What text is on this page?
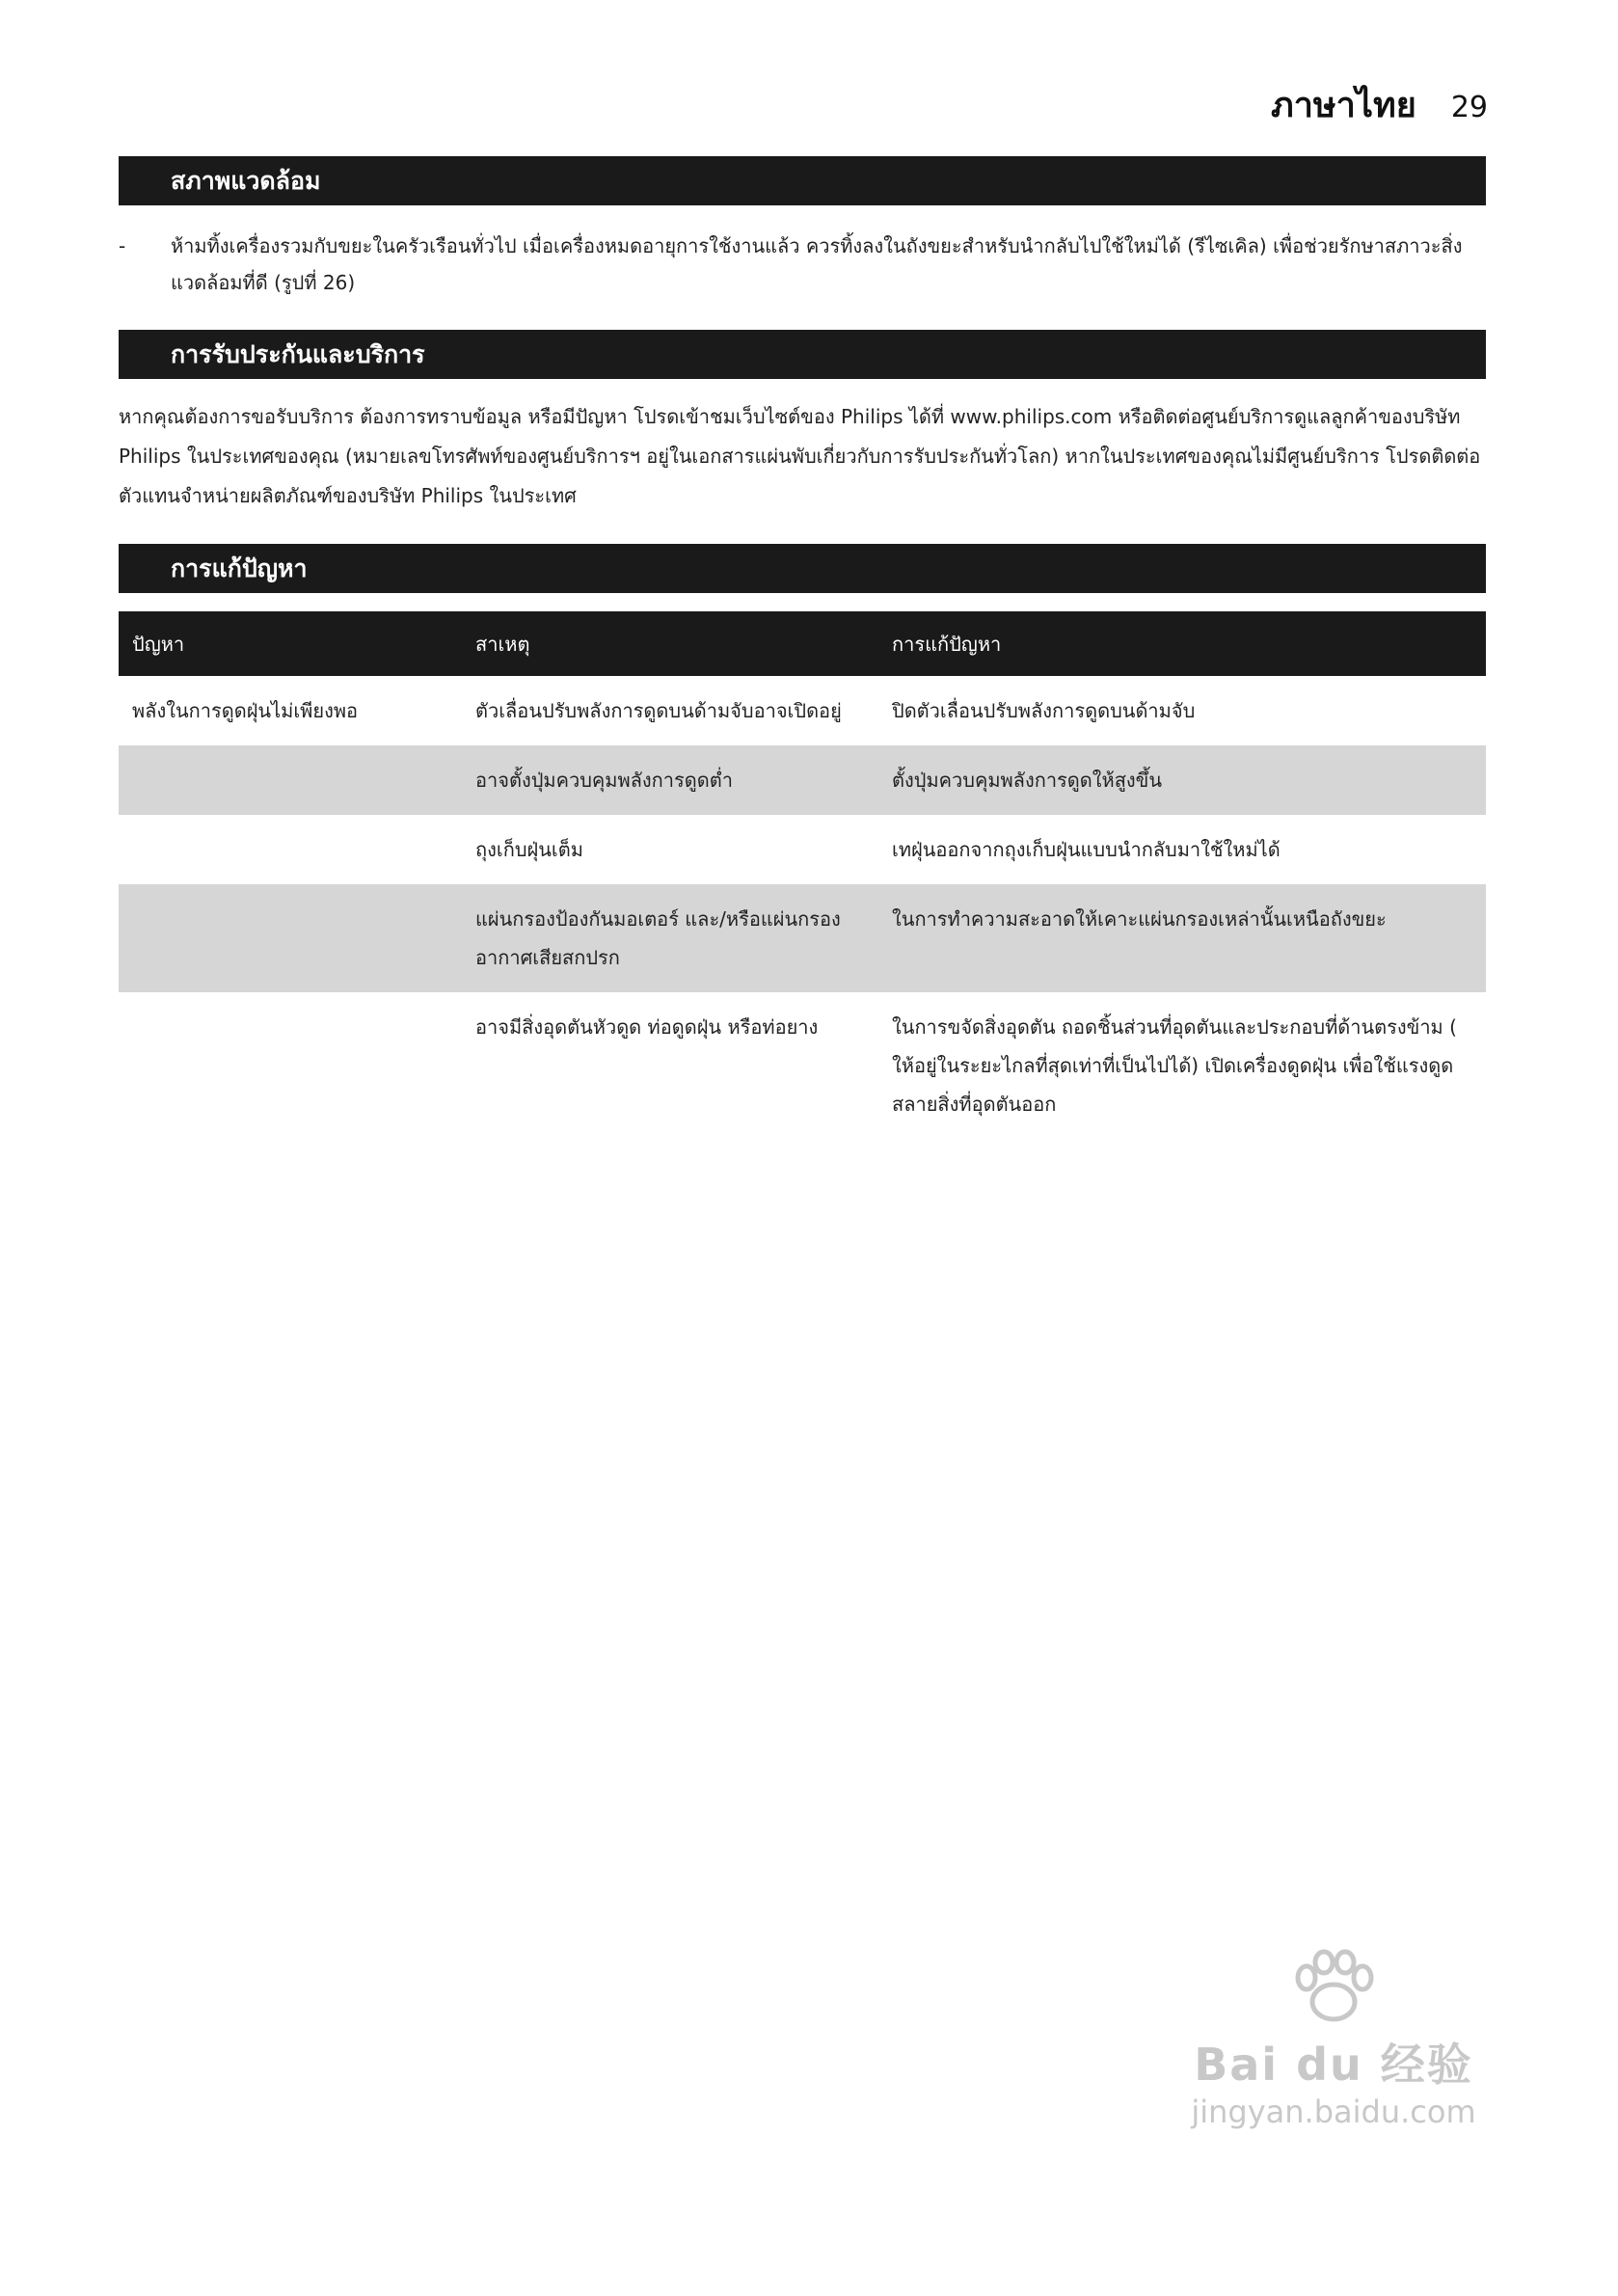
ภาษาไทย 29
สภาพแวดล้อม
-	ห้ามทิ้งเครื่องรวมกับขยะในครัวเรือนทั่วไป เมื่อเครื่องหมดอายุการใช้งานแล้ว ควรทิ้งลงในถังขยะสำหรับนำกลับไปใช้ใหม่ได้ (รีไซเคิล) เพื่อช่วยรักษาสภาวะสิ่งแวดล้อมที่ดี (รูปที่ 26)
การรับประกันและบริการ
หากคุณต้องการขอรับบริการ ต้องการทราบข้อมูล หรือมีปัญหา โปรดเข้าชมเว็บไซต์ของ Philips ได้ที่ www.philips.com หรือติดต่อศูนย์บริการดูแลลูกค้าของบริษัท Philips ในประเทศของคุณ (หมายเลขโทรศัพท์ของศูนย์บริการฯ อยู่ในเอกสารแผ่นพับเกี่ยวกับการรับประกันทั่วโลก) หากในประเทศของคุณไม่มีศูนย์บริการ โปรดติดต่อตัวแทนจำหน่ายผลิตภัณฑ์ของบริษัท Philips ในประเทศ
การแก้ปัญหา
ปัญหา	สาเหตุ	การแก้ปัญหา
พลังในการดูดฝุ่นไม่เพียงพอ	ตัวเลื่อนปรับพลังการดูดบนด้ามจับอาจเปิดอยู่	ปิดตัวเลื่อนปรับพลังการดูดบนด้ามจับ
	อาจตั้งปุ่มควบคุมพลังการดูดต่ำ	ตั้งปุ่มควบคุมพลังการดูดให้สูงขึ้น
	ถุงเก็บฝุ่นเต็ม	เทฝุ่นออกจากถุงเก็บฝุ่นแบบนำกลับมาใช้ใหม่ได้
	แผ่นกรองป้องกันมอเตอร์ และ/หรือแผ่นกรองอากาศเสียสกปรก	ในการทำความสะอาดให้เคาะแผ่นกรองเหล่านั้นเหนือถังขยะ
	อาจมีสิ่งอุดตันหัวดูด ท่อดูดฝุ่น หรือท่อยาง	ในการขจัดสิ่งอุดตัน ถอดชิ้นส่วนที่อุดตันและประกอบที่ด้านตรงข้าม ( ให้อยู่ในระยะไกลที่สุดเท่าที่เป็นไปได้) เปิดเครื่องดูดฝุ่น เพื่อใช้แรงดูดสลายสิ่งที่อุดตันออก
Bai du 经验
jingyan.baidu.com
